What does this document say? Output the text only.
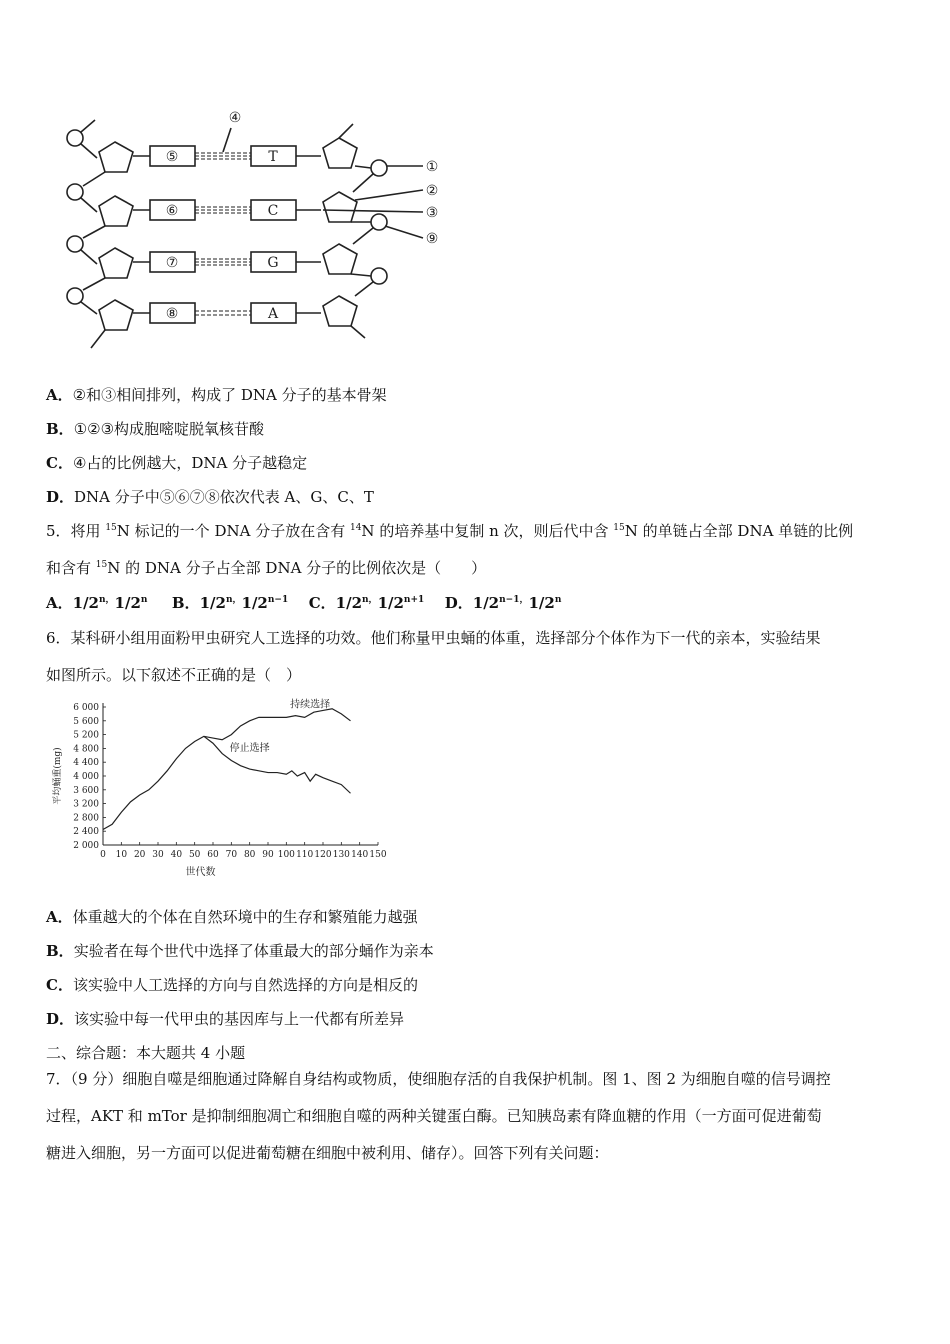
⑤
⑥
⑦
⑧
T
C
G
A
④
①
②
③
⑨
A．②和③相间排列，构成了 DNA 分子的基本骨架
B．①②③构成胞嘧啶脱氧核苷酸
C．④占的比例越大，DNA 分子越稳定
D．DNA 分子中⑤⑥⑦⑧依次代表 A、G、C、T
5．将用 $^{15}$N 标记的一个 DNA 分子放在含有 $^{14}$N 的培养基中复制 n 次，则后代中含 $^{15}$N 的单链占全部 DNA 单链的比例
和含有 $^{15}$N 的 DNA 分子占全部 DNA 分子的比例依次是（　　）
A．$1/2^{n,}1/2^n$ B．$1/2^{n,}1/2^{n-1}$ C．$1/2^{n,}1/2^{n+1}$ D．$1/2^{n-1,}1/2^n$
6．某科研小组用面粉甲虫研究人工选择的功效。他们称量甲虫蛹的体重，选择部分个体作为下一代的亲本，实验结果
如图所示。以下叙述不正确的是（　）
0 10 20 30 40 50 60 70 80 90 100 110 120 130 140 150
2 000
2 400
2 800
3 200
3 600
4 000
4 400
4 800
5 200
5 600
6 000
世代数
平均蛹重(mg)
持续选择
停止选择
A．体重越大的个体在自然环境中的生存和繁殖能力越强
B．实验者在每个世代中选择了体重最大的部分蛹作为亲本
C．该实验中人工选择的方向与自然选择的方向是相反的
D．该实验中每一代甲虫的基因库与上一代都有所差异
二、综合题：本大题共 4 小题
7．（9 分）细胞自噬是细胞通过降解自身结构或物质，使细胞存活的自我保护机制。图 1、图 2 为细胞自噬的信号调控
过程，AKT 和 mTor 是抑制细胞凋亡和细胞自噬的两种关键蛋白酶。已知胰岛素有降血糖的作用（一方面可促进葡萄
糖进入细胞，另一方面可以促进葡萄糖在细胞中被利用、储存）。回答下列有关问题：
